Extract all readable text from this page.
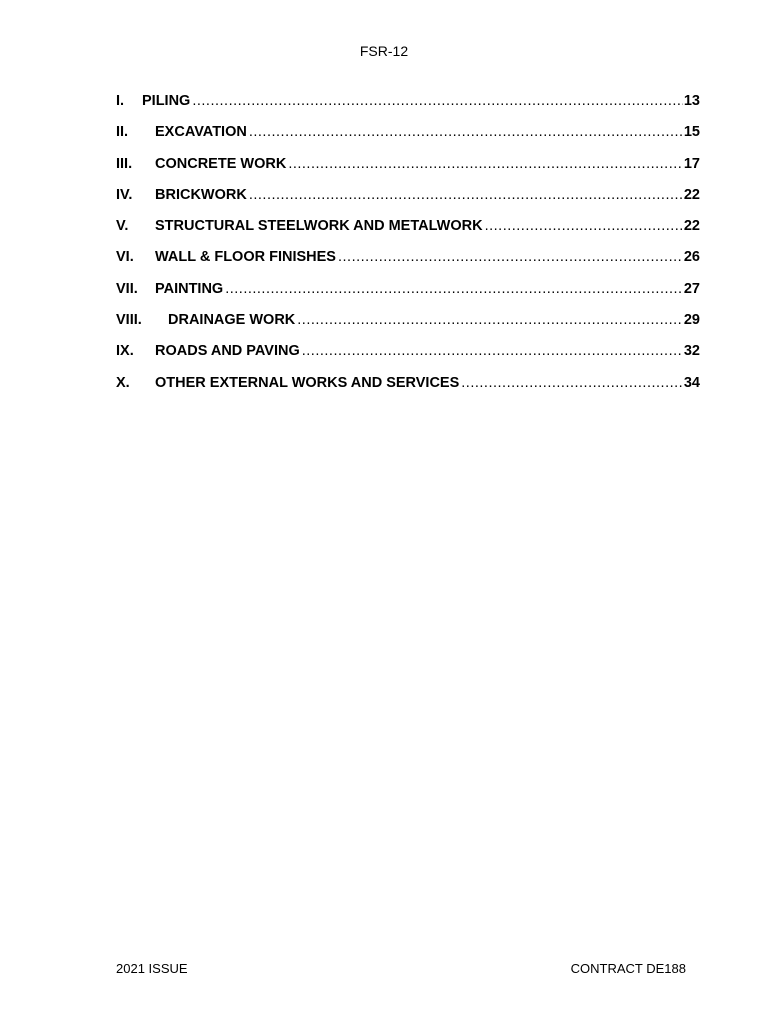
FSR-12
I.	PILING .....	13
II.	EXCAVATION .....	15
III.	CONCRETE WORK .....	17
IV.	BRICKWORK .....	22
V.	STRUCTURAL STEELWORK AND METALWORK .....	22
VI.	WALL & FLOOR FINISHES .....	26
VII.	PAINTING .....	27
VIII.	DRAINAGE WORK .....	29
IX.	ROADS AND PAVING .....	32
X.	OTHER EXTERNAL WORKS AND SERVICES .....	34
2021 ISSUE	CONTRACT DE188
